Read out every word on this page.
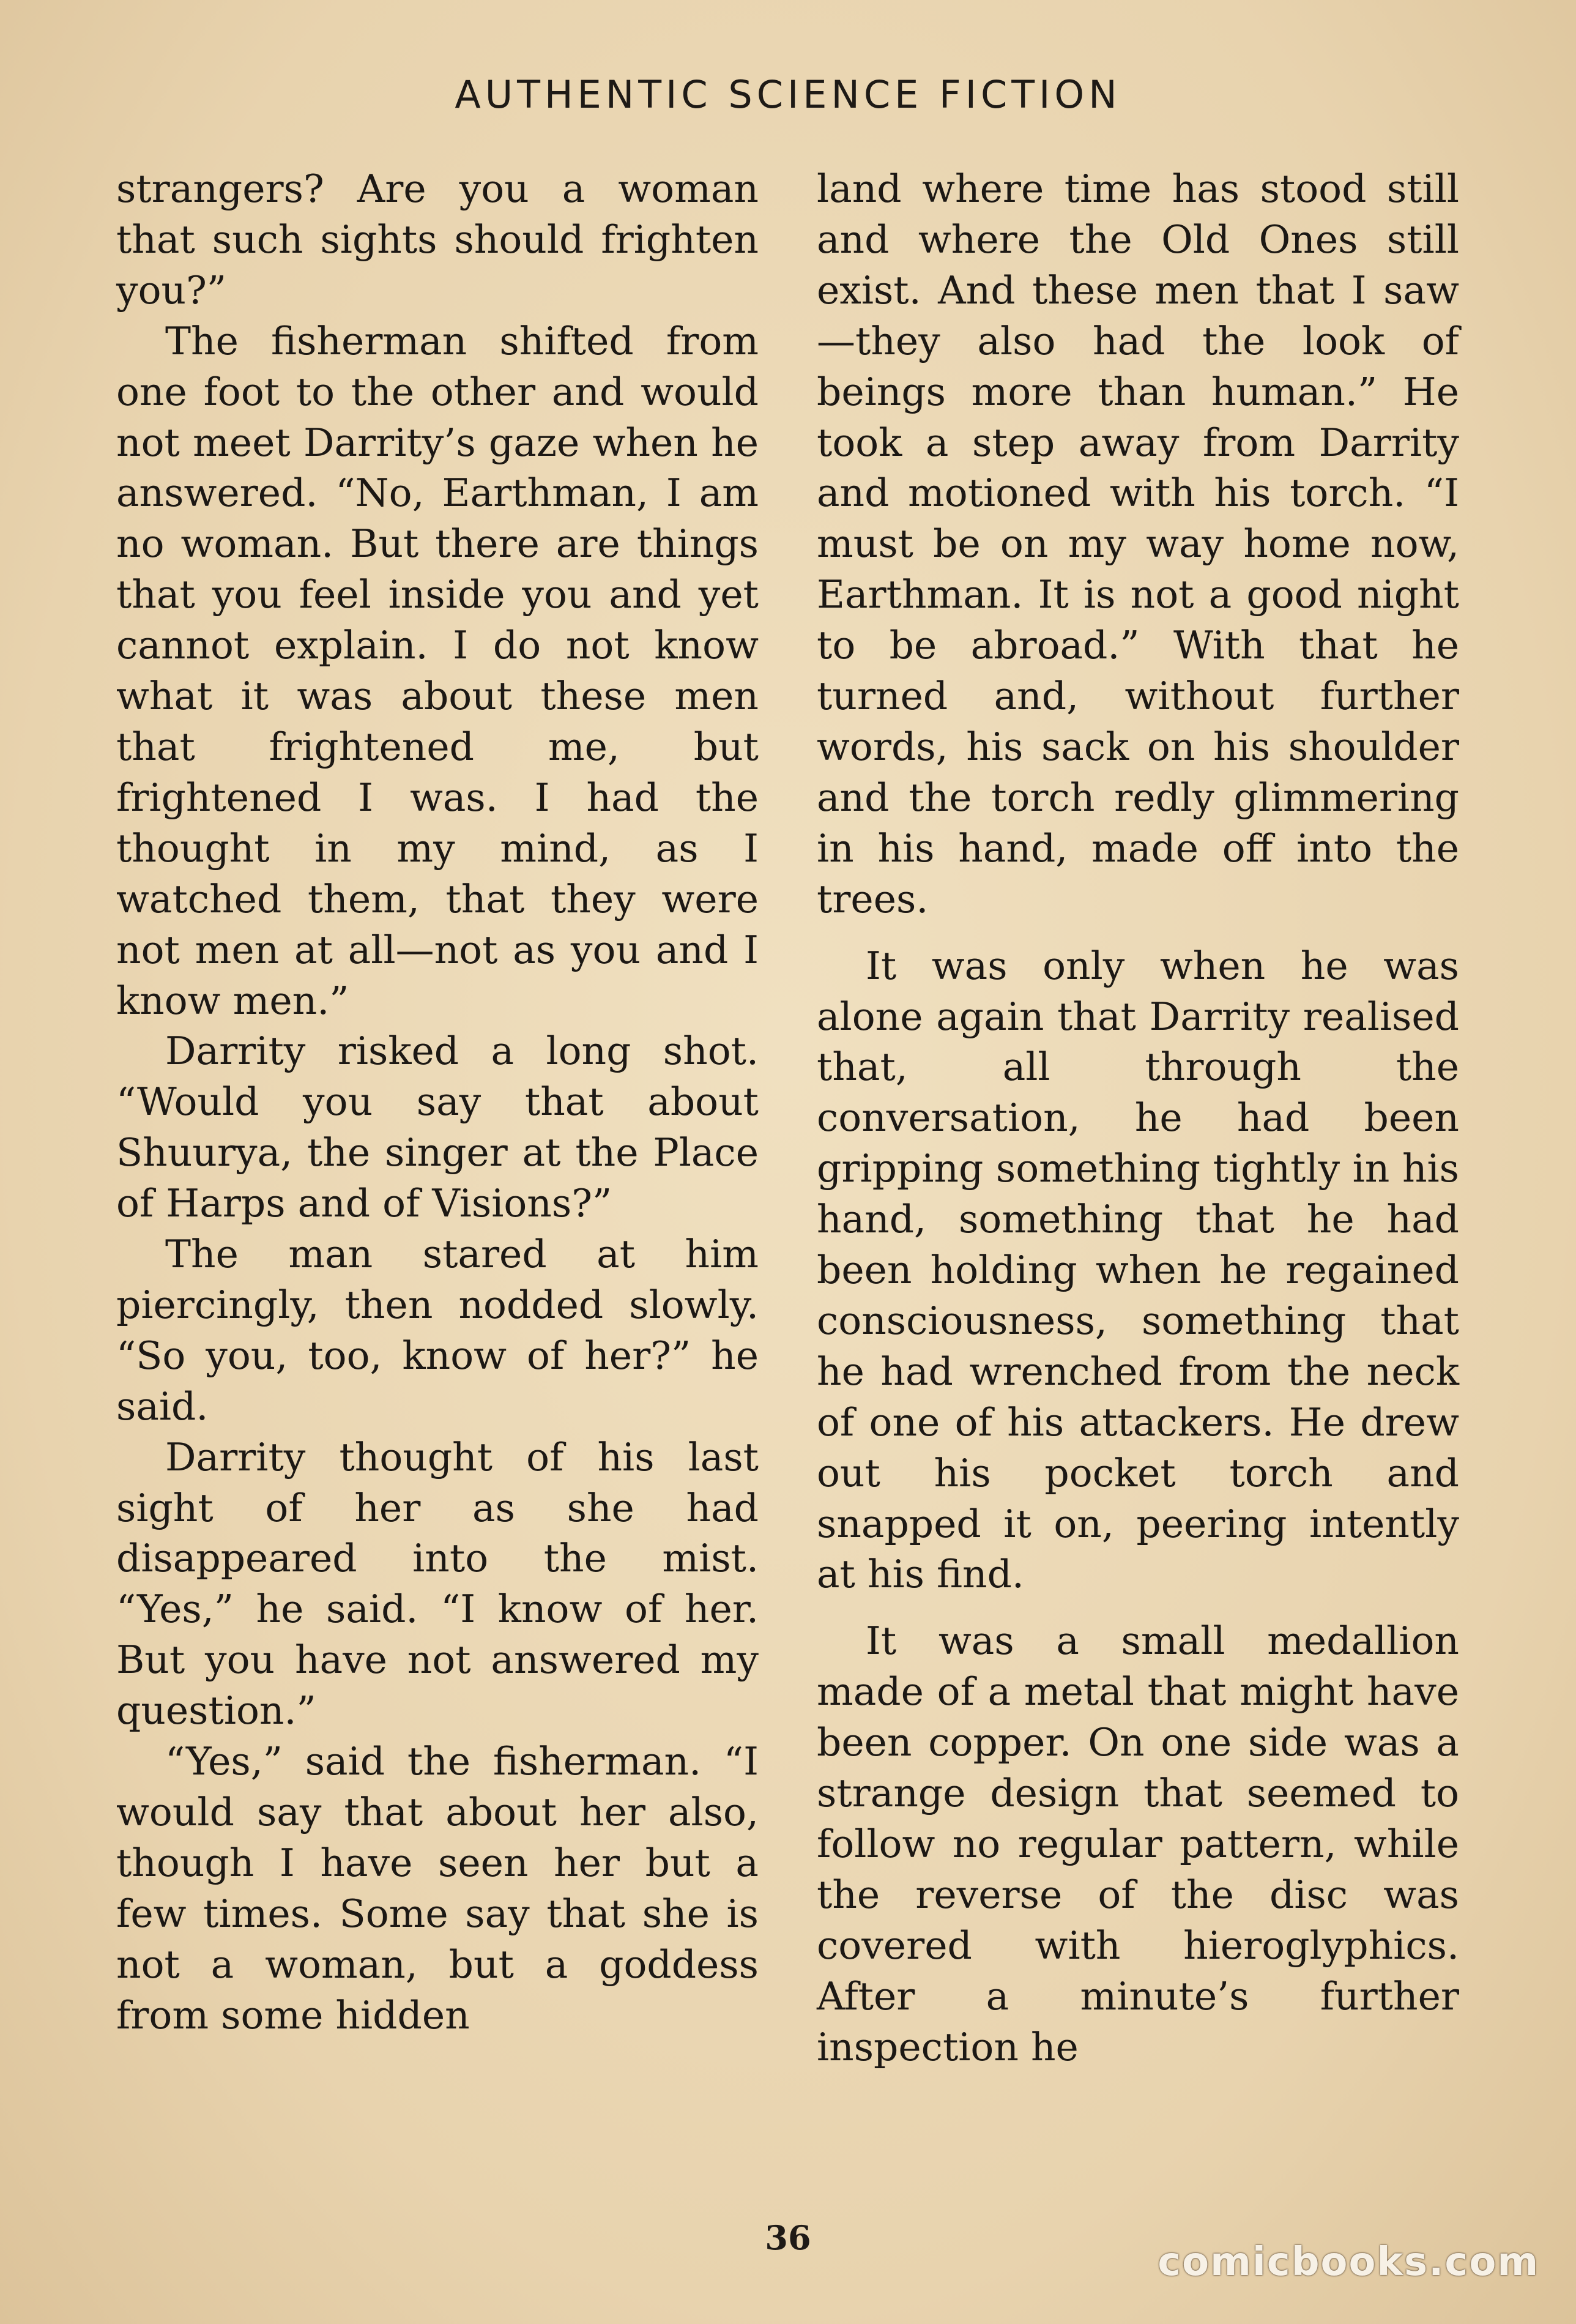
AUTHENTIC SCIENCE FICTION

strangers? Are you a woman that such sights should frighten you?”

The fisherman shifted from one foot to the other and would not meet Darrity’s gaze when he answered. “No, Earthman, I am no woman. But there are things that you feel inside you and yet cannot explain. I do not know what it was about these men that frightened me, but frightened I was. I had the thought in my mind, as I watched them, that they were not men at all—not as you and I know men.”

Darrity risked a long shot. “Would you say that about Shuurya, the singer at the Place of Harps and of Visions?”

The man stared at him piercingly, then nodded slowly. “So you, too, know of her?” he said.

Darrity thought of his last sight of her as she had disappeared into the mist. “Yes,” he said. “I know of her. But you have not answered my question.”

“Yes,” said the fisherman. “I would say that about her also, though I have seen her but a few times. Some say that she is not a woman, but a goddess from some hidden

land where time has stood still and where the Old Ones still exist. And these men that I saw—they also had the look of beings more than human.” He took a step away from Darrity and motioned with his torch. “I must be on my way home now, Earthman. It is not a good night to be abroad.” With that he turned and, without further words, his sack on his shoulder and the torch redly glimmering in his hand, made off into the trees.

It was only when he was alone again that Darrity realised that, all through the conversation, he had been gripping something tightly in his hand, something that he had been holding when he regained consciousness, something that he had wrenched from the neck of one of his attackers. He drew out his pocket torch and snapped it on, peering intently at his find.

It was a small medallion made of a metal that might have been copper. On one side was a strange design that seemed to follow no regular pattern, while the reverse of the disc was covered with hieroglyphics. After a minute’s further inspection he

36
comicbooks.com
